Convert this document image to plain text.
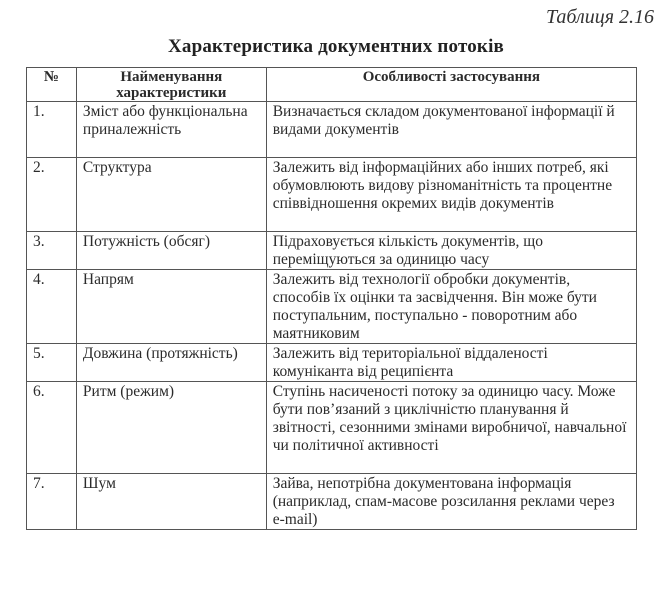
Таблиця 2.16
Характеристика документних потоків
№	Найменування характеристики	Особливості застосування
1.	Зміст або функціональна приналежність	Визначається складом документованої інформації й видами документів
2.	Структура	Залежить від інформаційних або інших потреб, які обумовлюють видову різноманітність та процентне співвідношення окремих видів документів
3.	Потужність (обсяг)	Підраховується кількість документів, що переміщуються за одиницю часу
4.	Напрям	Залежить від технології обробки документів, способів їх оцінки та засвідчення. Він може бути поступальним, поступально - поворотним або маятниковим
5.	Довжина (протяжність)	Залежить від територіальної віддаленості комуніканта від реципієнта
6.	Ритм (режим)	Ступінь насиченості потоку за одиницю часу. Може бути пов’язаний з циклічністю планування й звітності, сезонними змінами виробничої, навчальної чи політичної активності
7.	Шум	Зайва, непотрібна документована інформація (наприклад, спам-масове розсилання реклами через e-mail)
